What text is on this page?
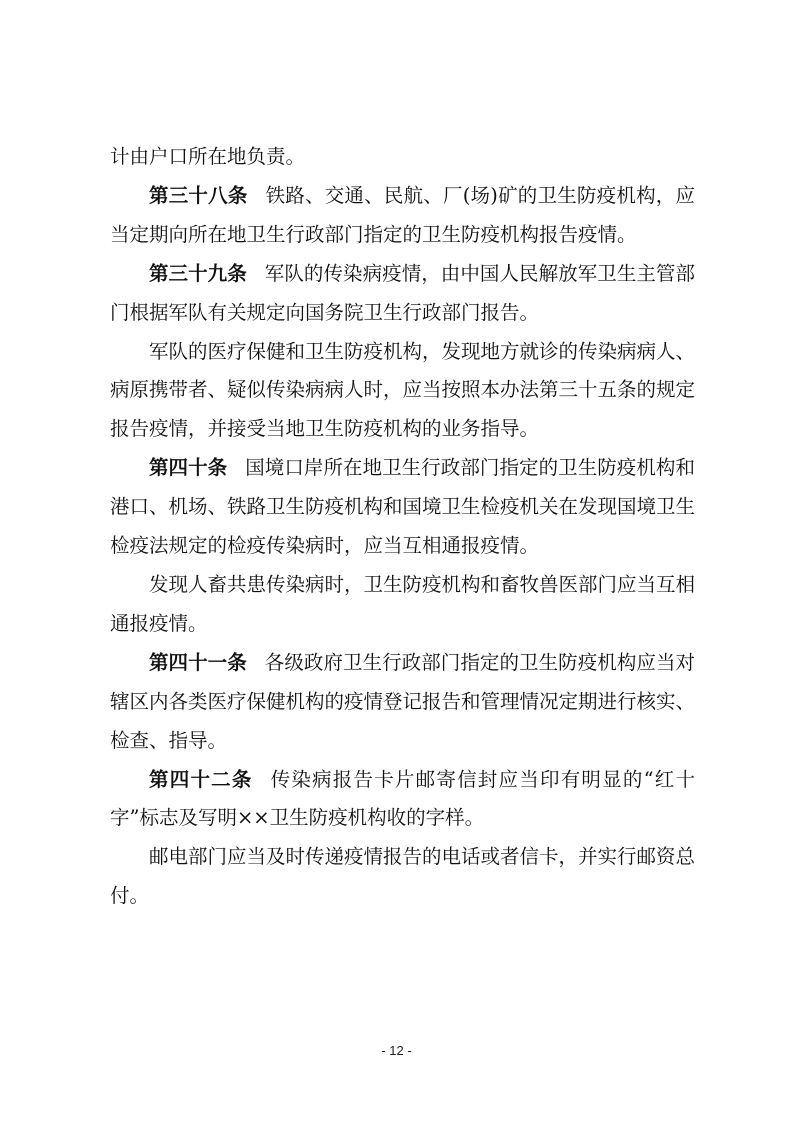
计由户口所在地负责。

第三十八条 铁路、交通、民航、厂(场)矿的卫生防疫机构，应当定期向所在地卫生行政部门指定的卫生防疫机构报告疫情。

第三十九条 军队的传染病疫情，由中国人民解放军卫生主管部门根据军队有关规定向国务院卫生行政部门报告。

军队的医疗保健和卫生防疫机构，发现地方就诊的传染病病人、病原携带者、疑似传染病病人时，应当按照本办法第三十五条的规定报告疫情，并接受当地卫生防疫机构的业务指导。

第四十条 国境口岸所在地卫生行政部门指定的卫生防疫机构和港口、机场、铁路卫生防疫机构和国境卫生检疫机关在发现国境卫生检疫法规定的检疫传染病时，应当互相通报疫情。

发现人畜共患传染病时，卫生防疫机构和畜牧兽医部门应当互相通报疫情。

第四十一条 各级政府卫生行政部门指定的卫生防疫机构应当对辖区内各类医疗保健机构的疫情登记报告和管理情况定期进行核实、检查、指导。

第四十二条 传染病报告卡片邮寄信封应当印有明显的“红十字”标志及写明××卫生防疫机构收的字样。

邮电部门应当及时传递疫情报告的电话或者信卡，并实行邮资总付。

- 12 -
